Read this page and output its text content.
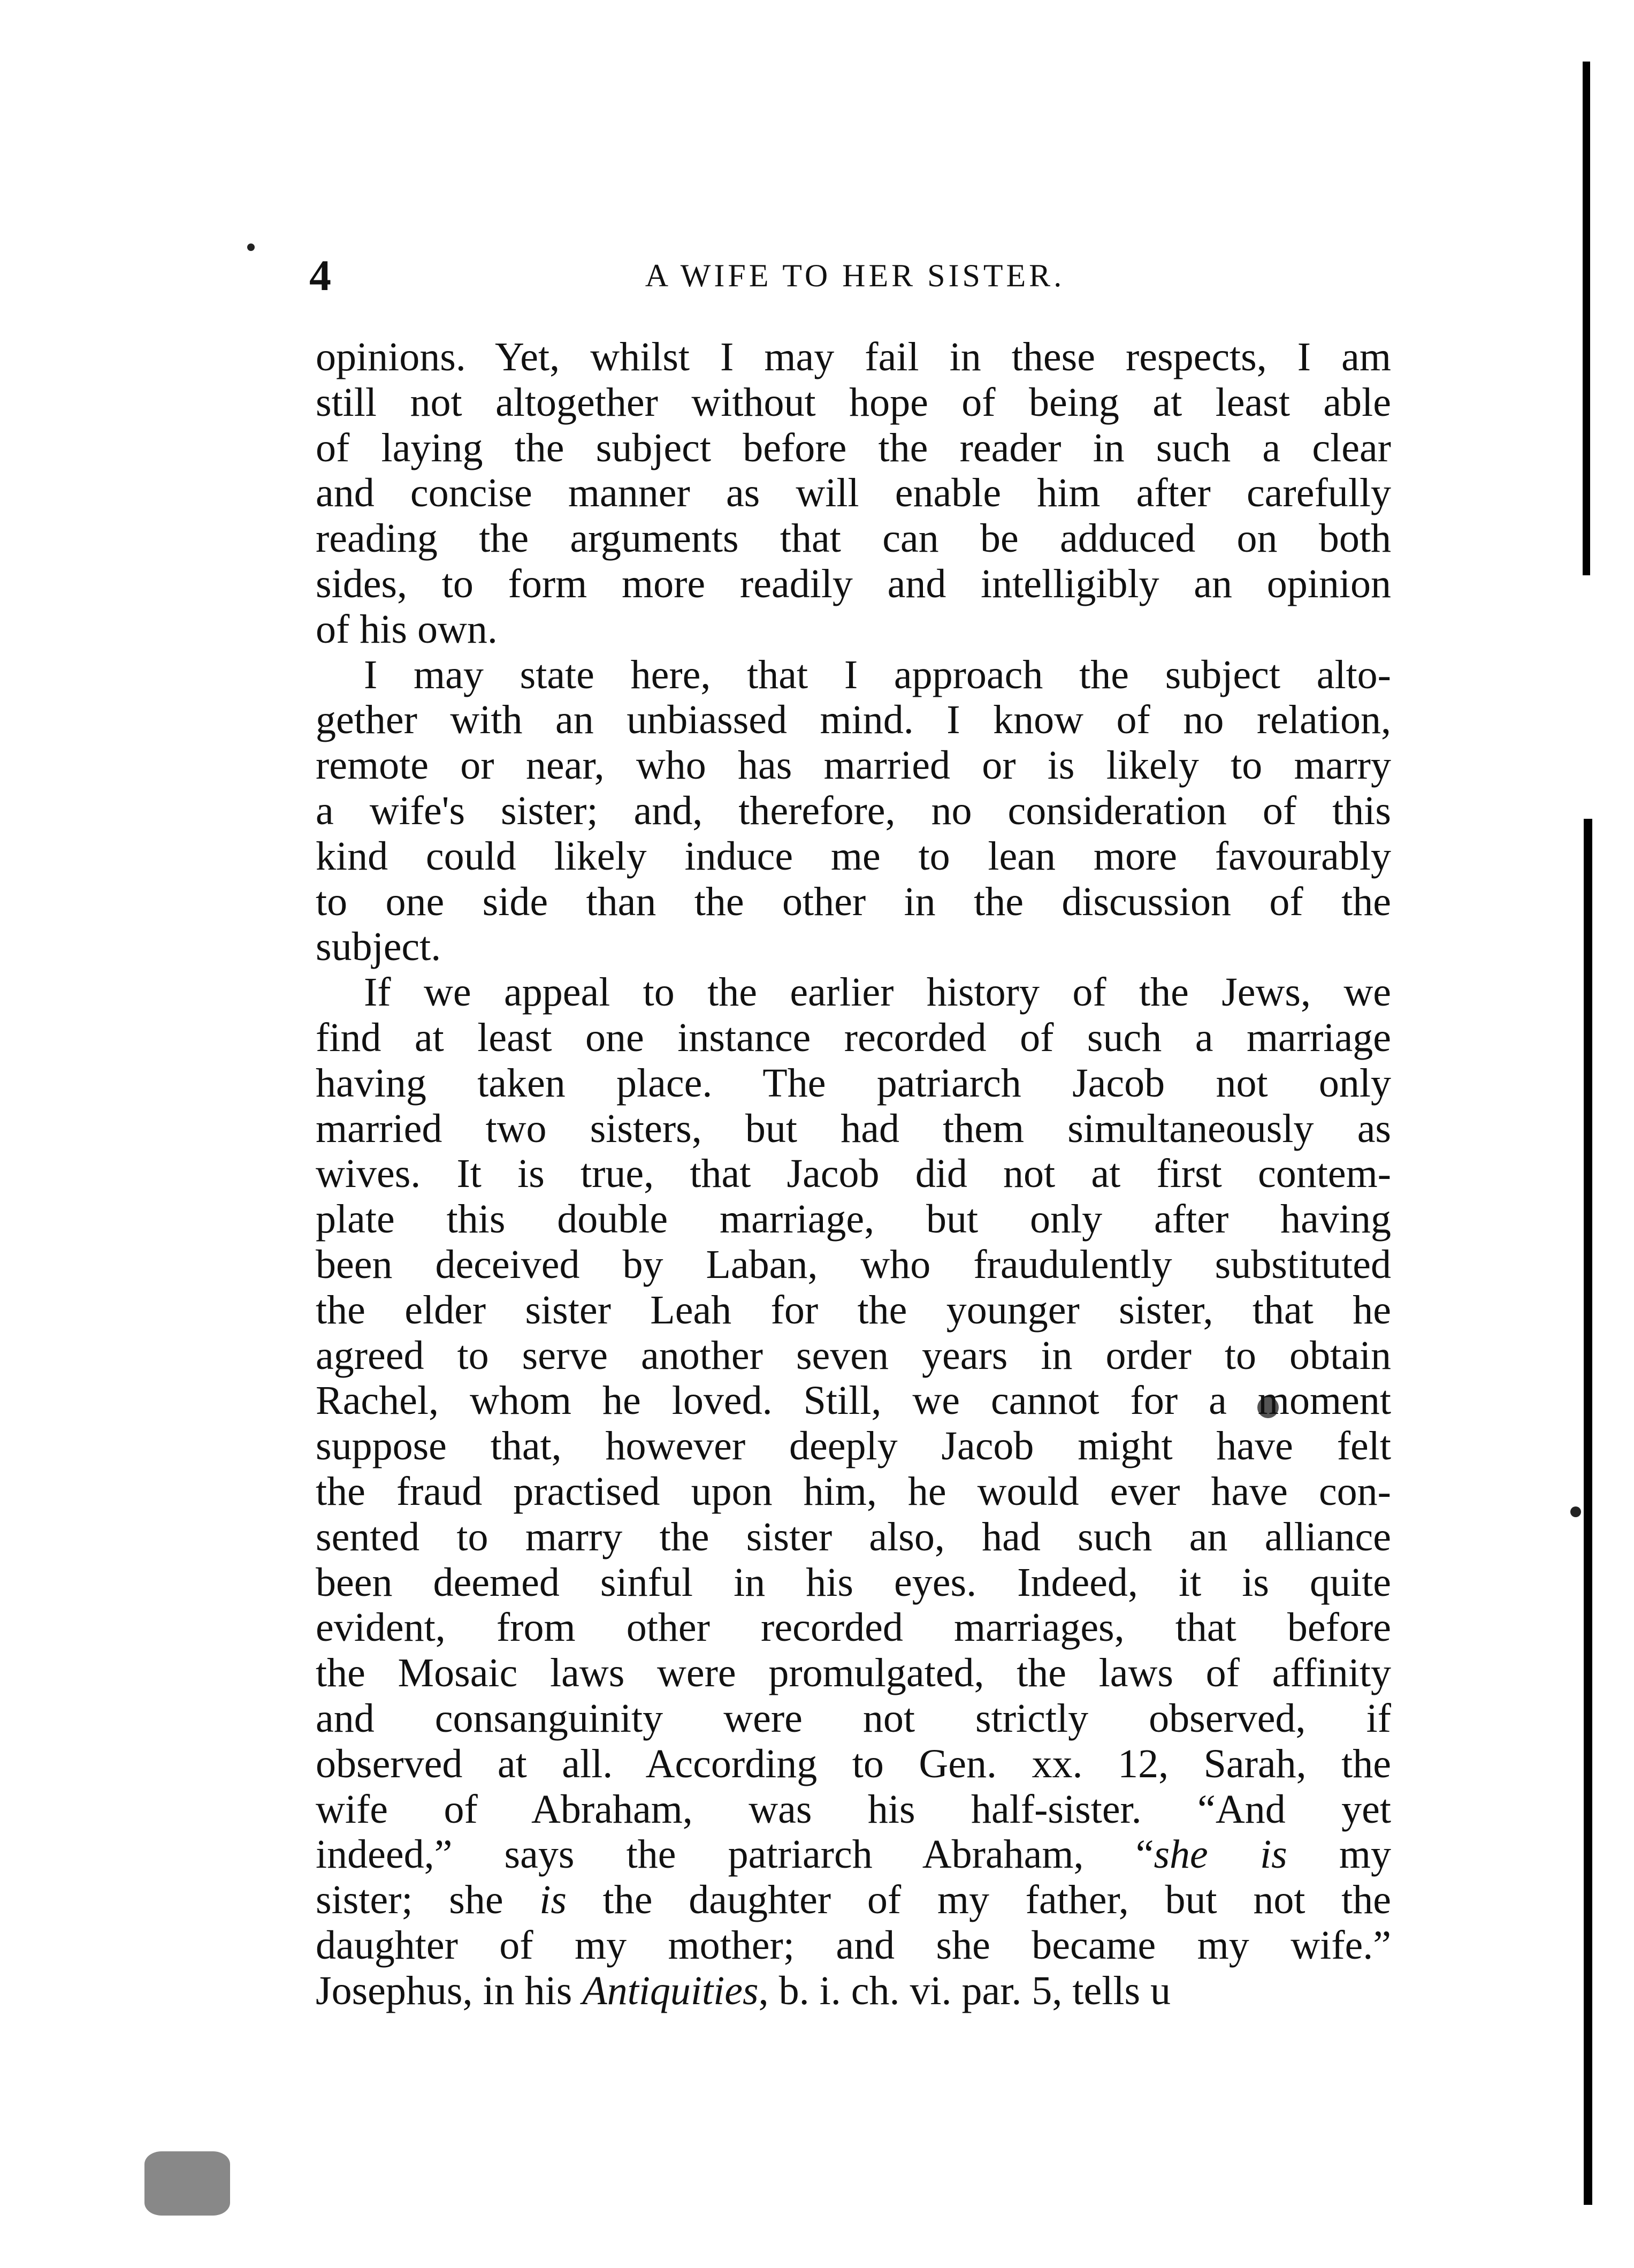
4	A WIFE TO HER SISTER.
opinions. Yet, whilst I may fail in these respects, I am
still not altogether without hope of being at least able
of laying the subject before the reader in such a clear
and concise manner as will enable him after carefully
reading the arguments that can be adduced on both
sides, to form more readily and intelligibly an opinion
of his own.
I may state here, that I approach the subject alto-
gether with an unbiassed mind. I know of no relation,
remote or near, who has married or is likely to marry
a wife's sister; and, therefore, no consideration of this
kind could likely induce me to lean more favourably
to one side than the other in the discussion of the
subject.
If we appeal to the earlier history of the Jews, we
find at least one instance recorded of such a marriage
having taken place. The patriarch Jacob not only
married two sisters, but had them simultaneously as
wives. It is true, that Jacob did not at first contem-
plate this double marriage, but only after having
been deceived by Laban, who fraudulently substituted
the elder sister Leah for the younger sister, that he
agreed to serve another seven years in order to obtain
Rachel, whom he loved. Still, we cannot for a moment
suppose that, however deeply Jacob might have felt
the fraud practised upon him, he would ever have con-
sented to marry the sister also, had such an alliance
been deemed sinful in his eyes. Indeed, it is quite
evident, from other recorded marriages, that before
the Mosaic laws were promulgated, the laws of affinity
and consanguinity were not strictly observed, if
observed at all. According to Gen. xx. 12, Sarah, the
wife of Abraham, was his half-sister. “And yet
indeed,” says the patriarch Abraham, “she is my
sister; she is the daughter of my father, but not the
daughter of my mother; and she became my wife.”
Josephus, in his Antiquities, b. i. ch. vi. par. 5, tells u
